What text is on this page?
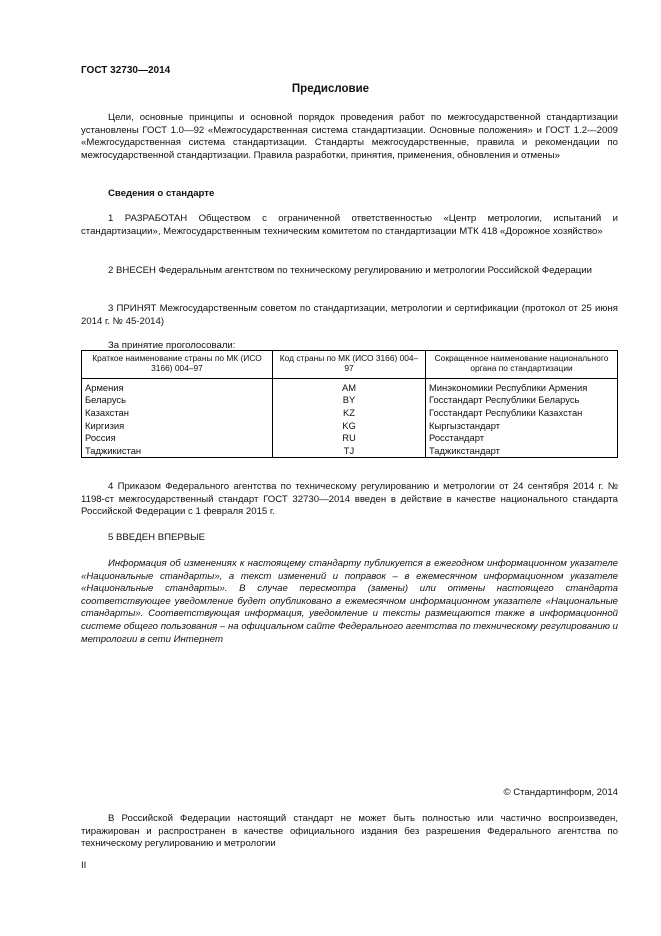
ГОСТ 32730—2014
Предисловие

Цели, основные принципы и основной порядок проведения работ по межгосударственной стандартизации установлены ГОСТ 1.0—92 «Межгосударственная система стандартизации. Основные положения» и ГОСТ 1.2—2009 «Межгосударственная система стандартизации. Стандарты межгосударственные, правила и рекомендации по межгосударственной стандартизации. Правила разработки, принятия, применения, обновления и отмены»

Сведения о стандарте

1 РАЗРАБОТАН Обществом с ограниченной ответственностью «Центр метрологии, испытаний и стандартизации», Межгосударственным техническим комитетом по стандартизации МТК 418 «Дорожное хозяйство»

2 ВНЕСЕН Федеральным агентством по техническому регулированию и метрологии Российской Федерации

3 ПРИНЯТ Межгосударственным советом по стандартизации, метрологии и сертификации (протокол от 25 июня 2014 г. № 45-2014)

За принятие проголосовали:
Краткое наименование страны по МК (ИСО 3166) 004–97	Код страны по МК (ИСО 3166) 004–97	Сокращенное наименование национального органа по стандартизации
Армения	AM	Минэкономики Республики Армения
Беларусь	BY	Госстандарт Республики Беларусь
Казахстан	KZ	Госстандарт Республики Казахстан
Киргизия	KG	Кыргызстандарт
Россия	RU	Росстандарт
Таджикистан	TJ	Таджикстандарт

4 Приказом Федерального агентства по техническому регулированию и метрологии от 24 сентября 2014 г. № 1198-ст межгосударственный стандарт ГОСТ 32730—2014 введен в действие в качестве национального стандарта Российской Федерации с 1 февраля 2015 г.

5 ВВЕДЕН ВПЕРВЫЕ

Информация об изменениях к настоящему стандарту публикуется в ежегодном информационном указателе «Национальные стандарты», а текст изменений и поправок – в ежемесячном информационном указателе «Национальные стандарты». В случае пересмотра (замены) или отмены настоящего стандарта соответствующее уведомление будет опубликовано в ежемесячном информационном указателе «Национальные стандарты». Соответствующая информация, уведомление и тексты размещаются также в информационной системе общего пользования – на официальном сайте Федерального агентства по техническому регулированию и метрологии в сети Интернет

© Стандартинформ, 2014

В Российской Федерации настоящий стандарт не может быть полностью или частично воспроизведен, тиражирован и распространен в качестве официального издания без разрешения Федерального агентства по техническому регулированию и метрологии

II
